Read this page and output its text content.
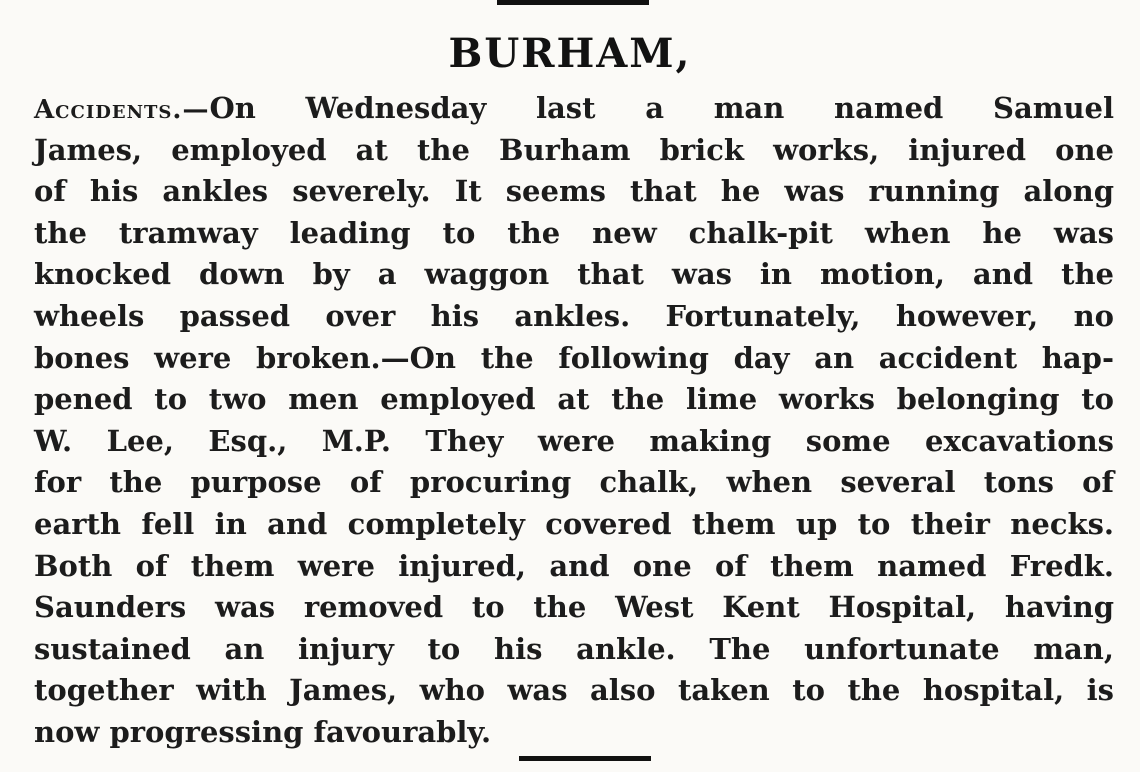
BURHAM,
Accidents.—On Wednesday last a man named Samuel
James, employed at the Burham brick works, injured one
of his ankles severely. It seems that he was running along
the tramway leading to the new chalk-pit when he was
knocked down by a waggon that was in motion, and the
wheels passed over his ankles. Fortunately, however, no
bones were broken.—On the following day an accident hap-
pened to two men employed at the lime works belonging to
W. Lee, Esq., M.P. They were making some excavations
for the purpose of procuring chalk, when several tons of
earth fell in and completely covered them up to their necks.
Both of them were injured, and one of them named Fredk.
Saunders was removed to the West Kent Hospital, having
sustained an injury to his ankle. The unfortunate man,
together with James, who was also taken to the hospital, is
now progressing favourably.
